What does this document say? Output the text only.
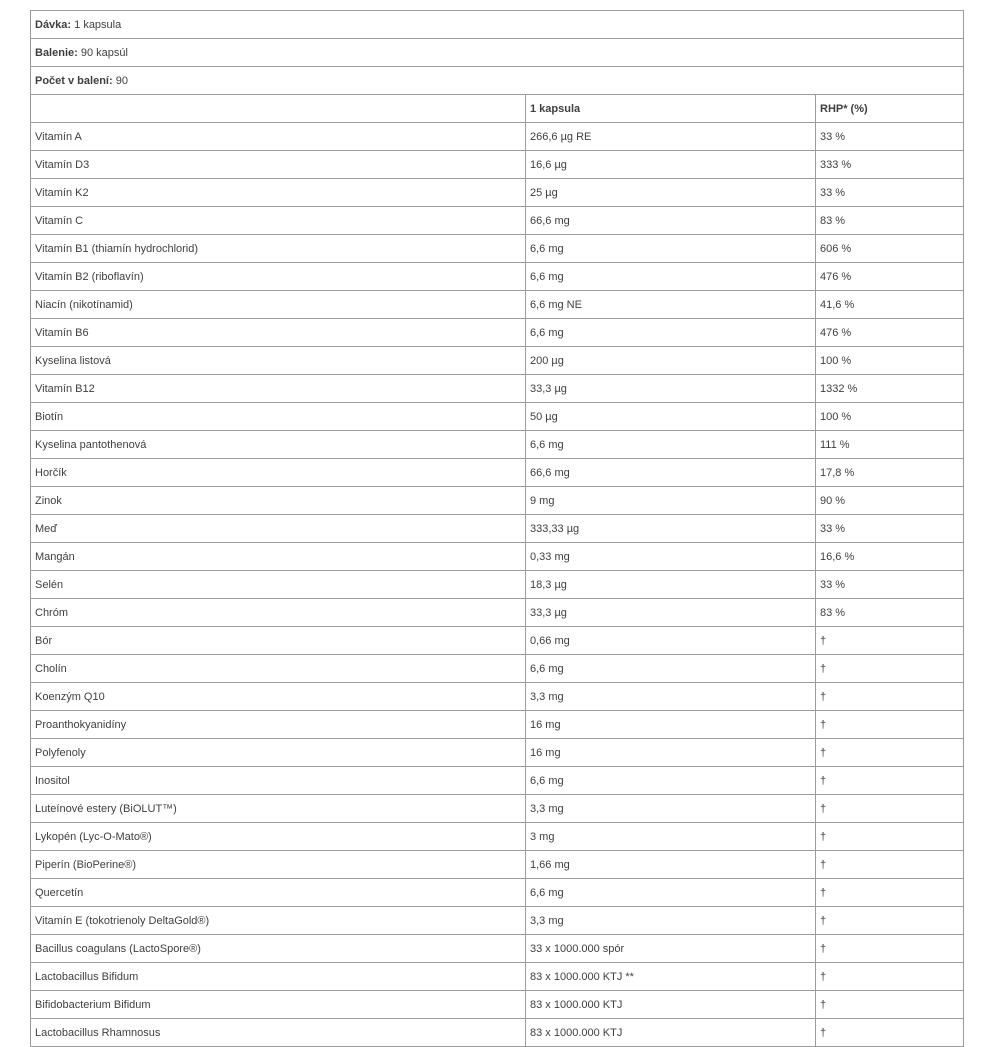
Dávka: 1 kapsula		
Balenie: 90 kapsúl		
Počet v balení: 90		
	1 kapsula	RHP* (%)
Vitamín A	266,6 µg RE	33 %
Vitamín D3	16,6 µg	333 %
Vitamín K2	25 µg	33 %
Vitamín C	66,6 mg	83 %
Vitamín B1 (thiamín hydrochlorid)	6,6 mg	606 %
Vitamín B2 (riboflavín)	6,6 mg	476 %
Niacín (nikotínamid)	6,6 mg NE	41,6 %
Vitamín B6	6,6 mg	476 %
Kyselina listová	200 µg	100 %
Vitamín B12	33,3 µg	1332 %
Biotín	50 µg	100 %
Kyselina pantothenová	6,6 mg	111 %
Horčík	66,6 mg	17,8 %
Zinok	9 mg	90 %
Meď	333,33 µg	33 %
Mangán	0,33 mg	16,6 %
Selén	18,3 µg	33 %
Chróm	33,3 µg	83 %
Bór	0,66 mg	†
Cholín	6,6 mg	†
Koenzým Q10	3,3 mg	†
Proanthokyanidíny	16 mg	†
Polyfenoly	16 mg	†
Inositol	6,6 mg	†
Luteínové estery (BiOLUT™)	3,3 mg	†
Lykopén (Lyc-O-Mato®)	3 mg	†
Piperín (BioPerine®)	1,66 mg	†
Quercetín	6,6 mg	†
Vitamín E (tokotrienoly DeltaGold®)	3,3 mg	†
Bacillus coagulans (LactoSpore®)	33 x 1000.000 spór	†
Lactobacillus Bifidum	83 x 1000.000 KTJ **	†
Bifidobacterium Bifidum	83 x 1000.000 KTJ	†
Lactobacillus Rhamnosus	83 x 1000.000 KTJ	†
